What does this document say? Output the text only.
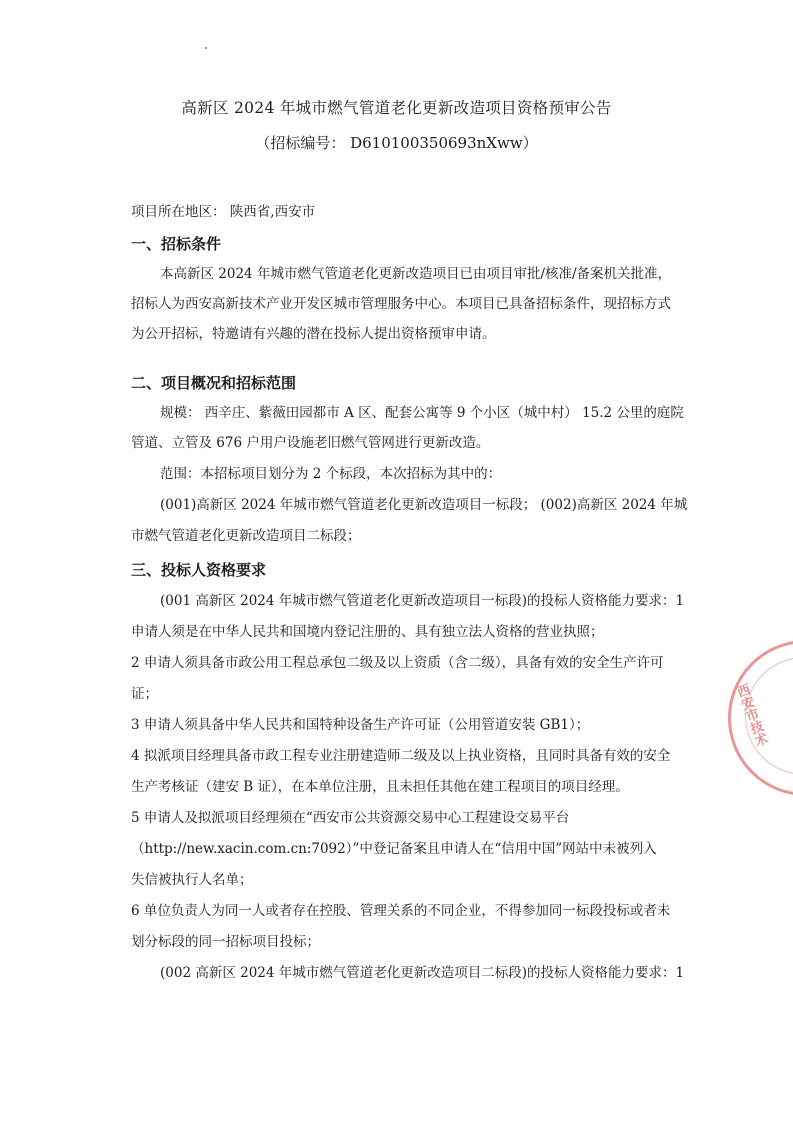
高新区 2024 年城市燃气管道老化更新改造项目资格预审公告
（招标编号： D610100350693nXww）
项目所在地区： 陕西省,西安市
一、招标条件
本高新区 2024 年城市燃气管道老化更新改造项目已由项目审批/核准/备案机关批准，
招标人为西安高新技术产业开发区城市管理服务中心。本项目已具备招标条件，现招标方式
为公开招标，特邀请有兴趣的潜在投标人提出资格预审申请。
二、项目概况和招标范围
规模： 西辛庄、紫薇田园都市 A 区、配套公寓等 9 个小区（城中村） 15.2 公里的庭院
管道、立管及 676 户用户设施老旧燃气管网进行更新改造。
范围：本招标项目划分为 2 个标段，本次招标为其中的：
(001)高新区 2024 年城市燃气管道老化更新改造项目一标段； (002)高新区 2024 年城
市燃气管道老化更新改造项目二标段；
三、投标人资格要求
(001 高新区 2024 年城市燃气管道老化更新改造项目一标段)的投标人资格能力要求：1
申请人须是在中华人民共和国境内登记注册的、具有独立法人资格的营业执照；
2 申请人须具备市政公用工程总承包二级及以上资质（含二级），具备有效的安全生产许可
证；
3 申请人须具备中华人民共和国特种设备生产许可证（公用管道安装 GB1）；
4 拟派项目经理具备市政工程专业注册建造师二级及以上执业资格，且同时具备有效的安全
生产考核证（建安 B 证），在本单位注册，且未担任其他在建工程项目的项目经理。
5 申请人及拟派项目经理须在“西安市公共资源交易中心工程建设交易平台
（http://new.xacin.com.cn:7092）”中登记备案且申请人在“信用中国”网站中未被列入
失信被执行人名单；
6 单位负责人为同一人或者存在控股、管理关系的不同企业，不得参加同一标段投标或者未
划分标段的同一招标项目投标；
(002 高新区 2024 年城市燃气管道老化更新改造项目二标段)的投标人资格能力要求：1
西安市技术
